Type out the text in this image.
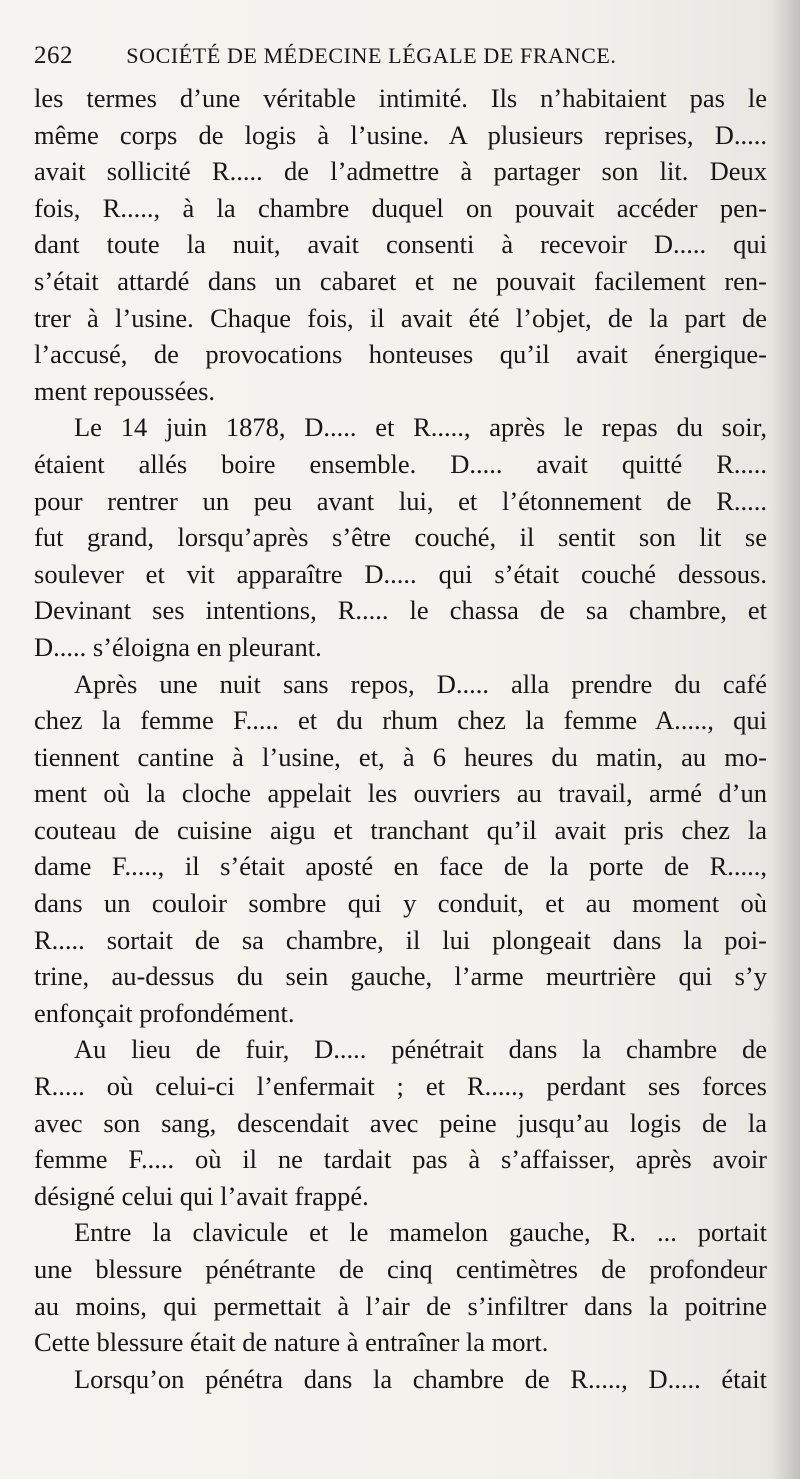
262 SOCIÉTÉ DE MÉDECINE LÉGALE DE FRANCE.
les termes d’une véritable intimité. Ils n’habitaient pas le
même corps de logis à l’usine. A plusieurs reprises, D.....
avait sollicité R..... de l’admettre à partager son lit. Deux
fois, R....., à la chambre duquel on pouvait accéder pen-
dant toute la nuit, avait consenti à recevoir D..... qui
s’était attardé dans un cabaret et ne pouvait facilement ren-
trer à l’usine. Chaque fois, il avait été l’objet, de la part de
l’accusé, de provocations honteuses qu’il avait énergique-
ment repoussées.
Le 14 juin 1878, D..... et R....., après le repas du soir,
étaient allés boire ensemble. D..... avait quitté R.....
pour rentrer un peu avant lui, et l’étonnement de R.....
fut grand, lorsqu’après s’être couché, il sentit son lit se
soulever et vit apparaître D..... qui s’était couché dessous.
Devinant ses intentions, R..... le chassa de sa chambre, et
D..... s’éloigna en pleurant.
Après une nuit sans repos, D..... alla prendre du café
chez la femme F..... et du rhum chez la femme A....., qui
tiennent cantine à l’usine, et, à 6 heures du matin, au mo-
ment où la cloche appelait les ouvriers au travail, armé d’un
couteau de cuisine aigu et tranchant qu’il avait pris chez la
dame F....., il s’était aposté en face de la porte de R.....,
dans un couloir sombre qui y conduit, et au moment où
R..... sortait de sa chambre, il lui plongeait dans la poi-
trine, au-dessus du sein gauche, l’arme meurtrière qui s’y
enfonçait profondément.
Au lieu de fuir, D..... pénétrait dans la chambre de
R..... où celui-ci l’enfermait ; et R....., perdant ses forces
avec son sang, descendait avec peine jusqu’au logis de la
femme F..... où il ne tardait pas à s’affaisser, après avoir
désigné celui qui l’avait frappé.
Entre la clavicule et le mamelon gauche, R. ... portait
une blessure pénétrante de cinq centimètres de profondeur
au moins, qui permettait à l’air de s’infiltrer dans la poitrine
Cette blessure était de nature à entraîner la mort.
Lorsqu’on pénétra dans la chambre de R....., D..... était
